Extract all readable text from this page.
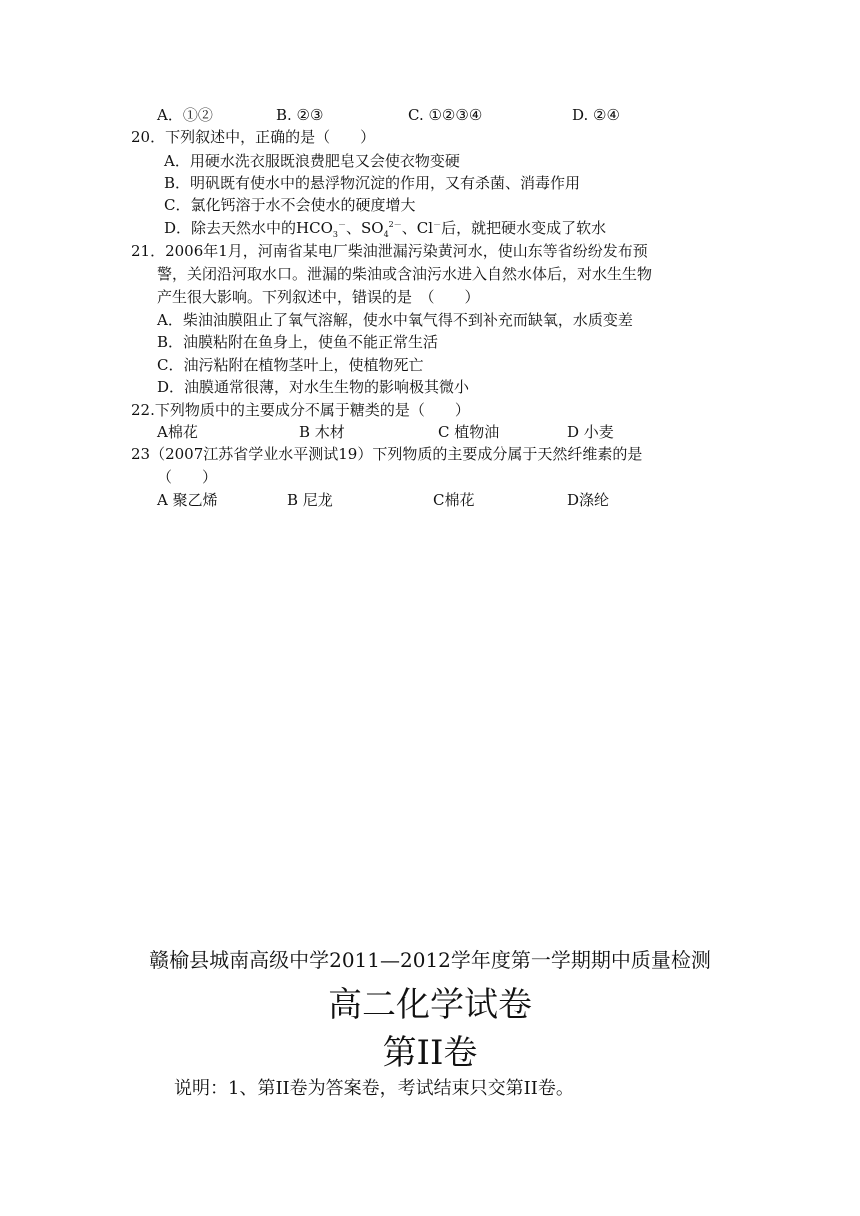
A．①②	B. ②③	C. ①②③④	D. ②④
20．下列叙述中，正确的是（　　）
A．用硬水洗衣服既浪费肥皂又会使衣物变硬
B．明矾既有使水中的悬浮物沉淀的作用，又有杀菌、消毒作用
C．氯化钙溶于水不会使水的硬度增大
D．除去天然水中的$HCO_3^-$、$SO_4^{2-}$、Cl－后，就把硬水变成了软水
21．2006年1月，河南省某电厂柴油泄漏污染黄河水，使山东等省纷纷发布预
警，关闭沿河取水口。泄漏的柴油或含油污水进入自然水体后，对水生生物
产生很大影响。下列叙述中，错误的是　（　　）
A．柴油油膜阻止了氧气溶解，使水中氧气得不到补充而缺氧，水质变差
B．油膜粘附在鱼身上，使鱼不能正常生活
C．油污粘附在植物茎叶上，使植物死亡
D．油膜通常很薄，对水生生物的影响极其微小
22.下列物质中的主要成分不属于糖类的是（　　）
A棉花	B 木材	C 植物油	D 小麦
23（2007江苏省学业水平测试19）下列物质的主要成分属于天然纤维素的是
（　　）
A 聚乙烯	B 尼龙	C棉花	D涤纶
赣榆县城南高级中学2011—2012学年度第一学期期中质量检测
高二化学试卷
第II卷
说明：1、第II卷为答案卷，考试结束只交第II卷。
